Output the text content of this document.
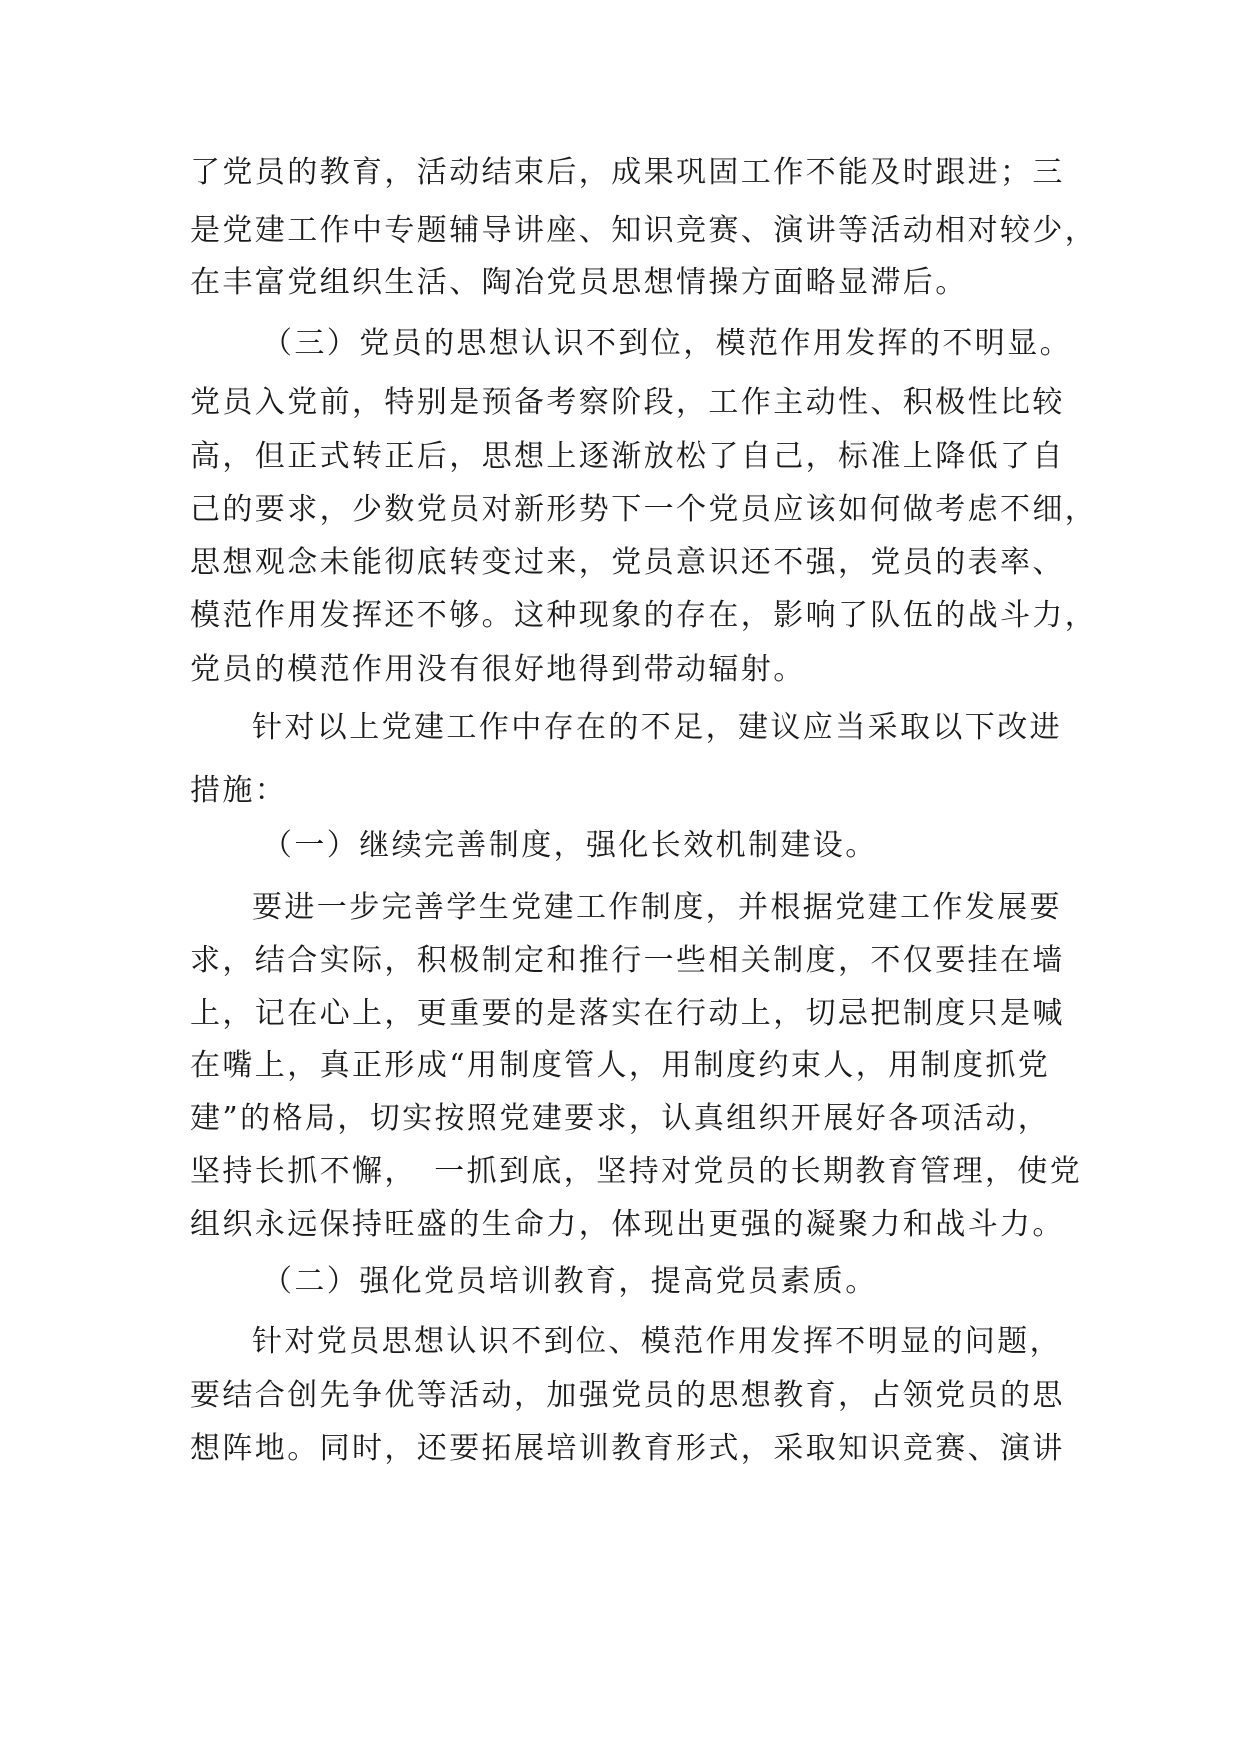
了党员的教育，活动结束后，成果巩固工作不能及时跟进；三
是党建工作中专题辅导讲座、知识竞赛、演讲等活动相对较少，
在丰富党组织生活、陶冶党员思想情操方面略显滞后。
（三）党员的思想认识不到位，模范作用发挥的不明显。
党员入党前，特别是预备考察阶段，工作主动性、积极性比较
高，但正式转正后，思想上逐渐放松了自己，标准上降低了自
己的要求，少数党员对新形势下一个党员应该如何做考虑不细，
思想观念未能彻底转变过来，党员意识还不强，党员的表率、
模范作用发挥还不够。这种现象的存在，影响了队伍的战斗力，
党员的模范作用没有很好地得到带动辐射。
针对以上党建工作中存在的不足，建议应当采取以下改进
措施：
（一）继续完善制度，强化长效机制建设。
要进一步完善学生党建工作制度，并根据党建工作发展要
求，结合实际，积极制定和推行一些相关制度，不仅要挂在墙
上，记在心上，更重要的是落实在行动上，切忌把制度只是喊
在嘴上，真正形成“用制度管人，用制度约束人，用制度抓党
建”的格局，切实按照党建要求，认真组织开展好各项活动，
坚持长抓不懈，　一抓到底，坚持对党员的长期教育管理，使党
组织永远保持旺盛的生命力，体现出更强的凝聚力和战斗力。
（二）强化党员培训教育，提高党员素质。
针对党员思想认识不到位、模范作用发挥不明显的问题，
要结合创先争优等活动，加强党员的思想教育，占领党员的思
想阵地。同时，还要拓展培训教育形式，采取知识竞赛、演讲
